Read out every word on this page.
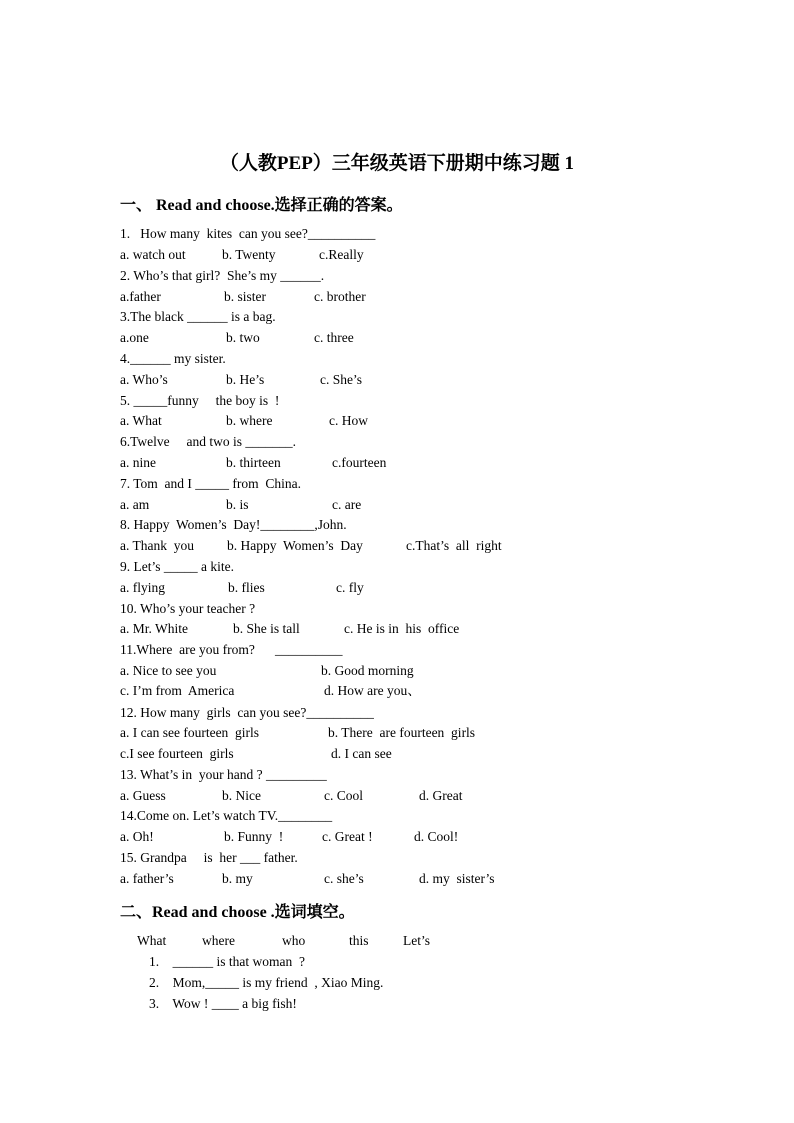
（人教PEP）三年级英语下册期中练习题 1
一、 Read and choose.选择正确的答案。
1.   How many  kites  can you see?__________
a. watch out	b. Twenty	c.Really
2. Who’s that girl?  She’s my ______.
a.father	b. sister	c. brother
3.The black ______ is a bag.
a.one	b. two	c. three
4.______ my sister.
a. Who’s	b. He’s	c. She’s
5. _____funny     the boy is  !
a. What	b. where	c. How
6.Twelve     and two is _______.
a. nine	b. thirteen	c.fourteen
7. Tom  and I _____ from  China.
a. am	b. is	c. are
8. Happy  Women’s  Day!________,John.
a. Thank  you b. Happy  Women’s  Day	c.That’s  all  right
9. Let’s _____ a kite.
a. flying	b. flies	c. fly
10. Who’s your teacher ?
a. Mr. White	b. She is tall	c. He is in  his  office
11.Where  are you from?      __________
a. Nice to see you	b. Good morning
c. I’m from  America	d. How are you、
12. How many  girls  can you see?__________
a. I can see fourteen  girls	b. There  are fourteen  girls
c.I see fourteen  girls	d. I can see
13. What’s in  your hand ? _________
a. Guess	b. Nice	c. Cool	d. Great
14.Come on. Let’s watch TV.________
a. Oh!	b. Funny  !	c. Great !	d. Cool!
15. Grandpa     is  her ___ father.
a. father’s	b. my	c. she’s	d. my  sister’s
二、Read and choose .选词填空。
What	where	who	this	Let’s
1.    ______ is that woman  ?
2.    Mom,_____ is my friend  , Xiao Ming.
3.    Wow ! ____ a big fish!
